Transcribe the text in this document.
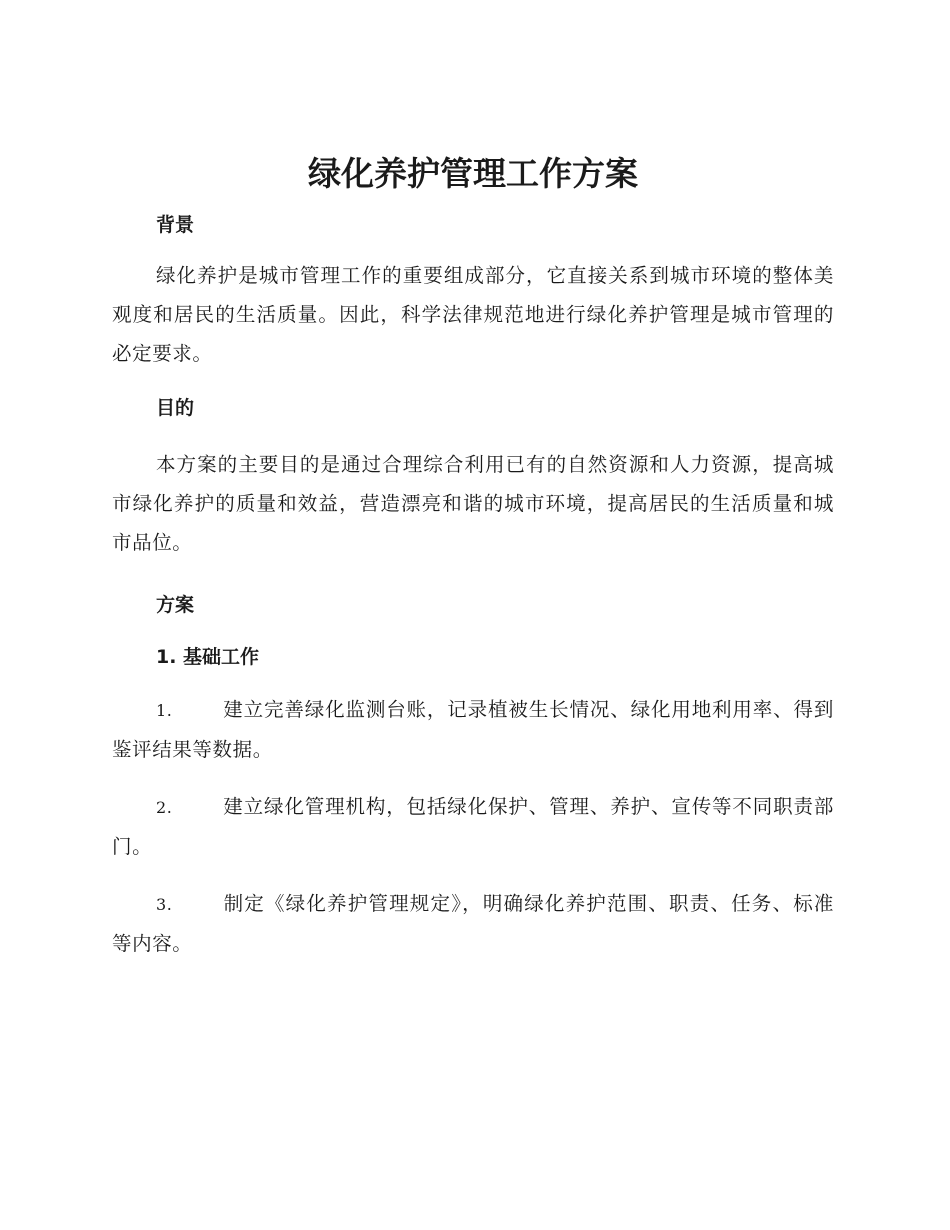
绿化养护管理工作方案
背景

绿化养护是城市管理工作的重要组成部分，它直接关系到城市环境的整体美观度和居民的生活质量。因此，科学法律规范地进行绿化养护管理是城市管理的必定要求。

目的

本方案的主要目的是通过合理综合利用已有的自然资源和人力资源，提高城市绿化养护的质量和效益，营造漂亮和谐的城市环境，提高居民的生活质量和城市品位。

方案
1. 基础工作

1.	建立完善绿化监测台账，记录植被生长情况、绿化用地利用率、得到鉴评结果等数据。

2.	建立绿化管理机构，包括绿化保护、管理、养护、宣传等不同职责部门。

3.	制定《绿化养护管理规定》，明确绿化养护范围、职责、任务、标准等内容。
